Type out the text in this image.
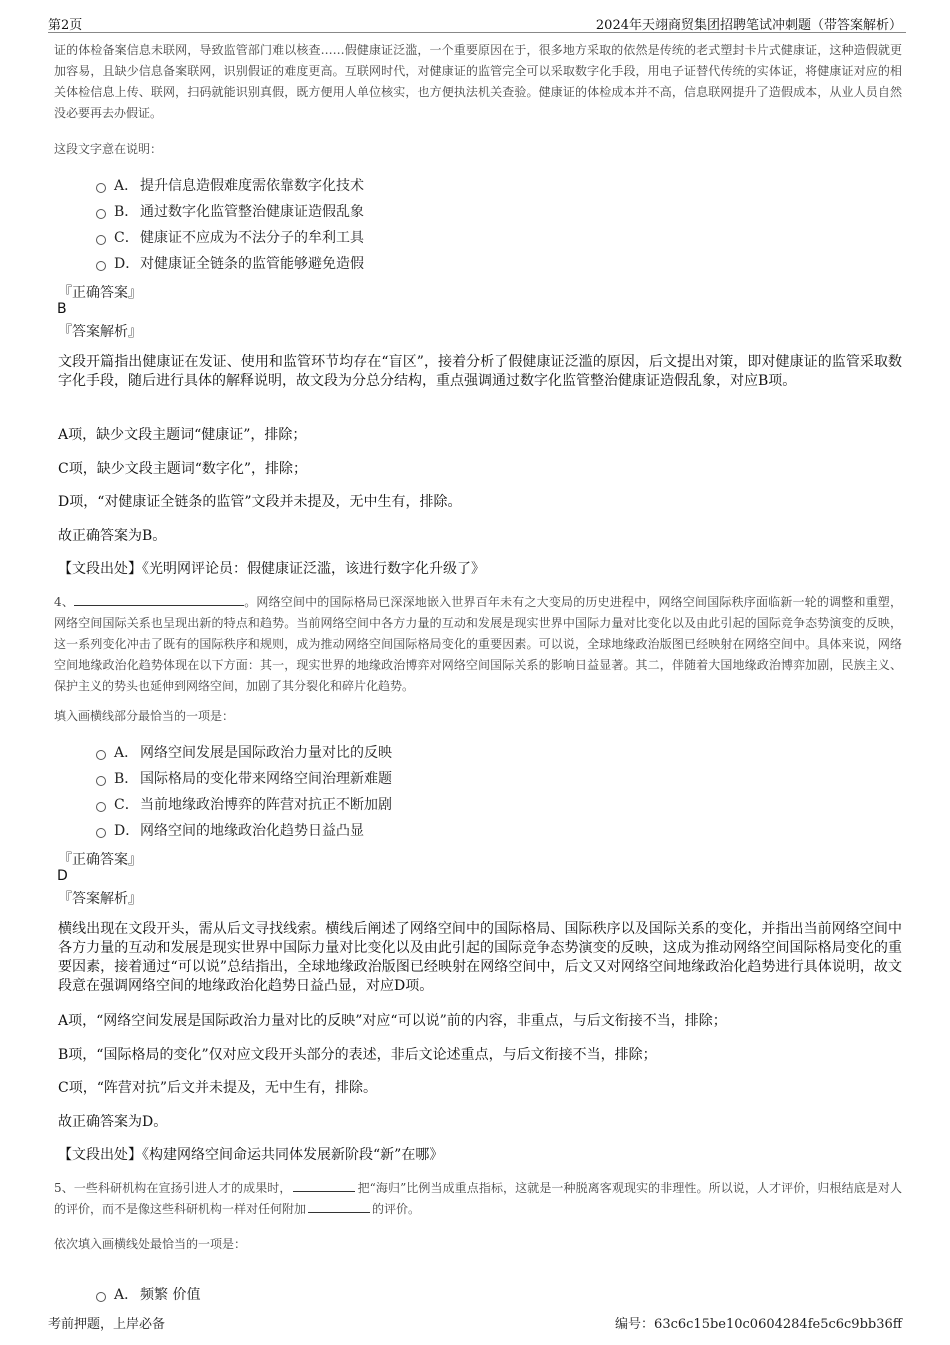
第2页	2024年天翊商贸集团招聘笔试冲刺题（带答案解析）

证的体检备案信息未联网，导致监管部门难以核查……假健康证泛滥，一个重要原因在于，很多地方采取的依然是传统的老式塑封卡片式健康证，这种造假就更加容易，且缺少信息备案联网，识别假证的难度更高。互联网时代，对健康证的监管完全可以采取数字化手段，用电子证替代传统的实体证，将健康证对应的相关体检信息上传、联网，扫码就能识别真假，既方便用人单位核实，也方便执法机关查验。健康证的体检成本并不高，信息联网提升了造假成本，从业人员自然没必要再去办假证。

这段文字意在说明：

A． 提升信息造假难度需依靠数字化技术
B． 通过数字化监管整治健康证造假乱象
C．健康证不应成为不法分子的牟利工具
D．对健康证全链条的监管能够避免造假
『正确答案』
B
『答案解析』
文段开篇指出健康证在发证、使用和监管环节均存在“盲区”，接着分析了假健康证泛滥的原因，后文提出对策，即对健康证的监管采取数字化手段，随后进行具体的解释说明，故文段为分总分结构，重点强调通过数字化监管整治健康证造假乱象，对应B项。
A项，缺少文段主题词“健康证”，排除；
C项，缺少文段主题词“数字化”，排除；
D项，“对健康证全链条的监管”文段并未提及，无中生有，排除。
故正确答案为B。
【文段出处】《光明网评论员：假健康证泛滥，该进行数字化升级了》

4、	。网络空间中的国际格局已深深地嵌入世界百年未有之大变局的历史进程中，网络空间国际秩序面临新一轮的调整和重塑，网络空间国际关系也呈现出新的特点和趋势。当前网络空间中各方力量的互动和发展是现实世界中国际力量对比变化以及由此引起的国际竞争态势演变的反映，这一系列变化冲击了既有的国际秩序和规则，成为推动网络空间国际格局变化的重要因素。可以说，全球地缘政治版图已经映射在网络空间中。具体来说，网络空间地缘政治化趋势体现在以下方面：其一，现实世界的地缘政治博弈对网络空间国际关系的影响日益显著。其二，伴随着大国地缘政治博弈加剧，民族主义、保护主义的势头也延伸到网络空间，加剧了其分裂化和碎片化趋势。

填入画横线部分最恰当的一项是：

A． 网络空间发展是国际政治力量对比的反映
B． 国际格局的变化带来网络空间治理新难题
C．当前地缘政治博弈的阵营对抗正不断加剧
D．网络空间的地缘政治化趋势日益凸显
『正确答案』
D
『答案解析』
横线出现在文段开头，需从后文寻找线索。横线后阐述了网络空间中的国际格局、国际秩序以及国际关系的变化，并指出当前网络空间中各方力量的互动和发展是现实世界中国际力量对比变化以及由此引起的国际竞争态势演变的反映，这成为推动网络空间国际格局变化的重要因素，接着通过“可以说”总结指出，全球地缘政治版图已经映射在网络空间中，后文又对网络空间地缘政治化趋势进行具体说明，故文段意在强调网络空间的地缘政治化趋势日益凸显，对应D项。
A项，“网络空间发展是国际政治力量对比的反映”对应“可以说”前的内容，非重点，与后文衔接不当，排除；
B项，“国际格局的变化”仅对应文段开头部分的表述，非后文论述重点，与后文衔接不当，排除；
C项，“阵营对抗”后文并未提及，无中生有，排除。
故正确答案为D。
【文段出处】《构建网络空间命运共同体发展新阶段“新”在哪》

5、一些科研机构在宣扬引进人才的成果时，	把“海归”比例当成重点指标，这就是一种脱离客观现实的非理性。所以说，人才评价，归根结底是对人的评价，而不是像这些科研机构一样对任何附加	的评价。

依次填入画横线处最恰当的一项是：

A． 频繁 价值
考前押题，上岸必备	编号：63c6c15be10c0604284fe5c6c9bb36ff
